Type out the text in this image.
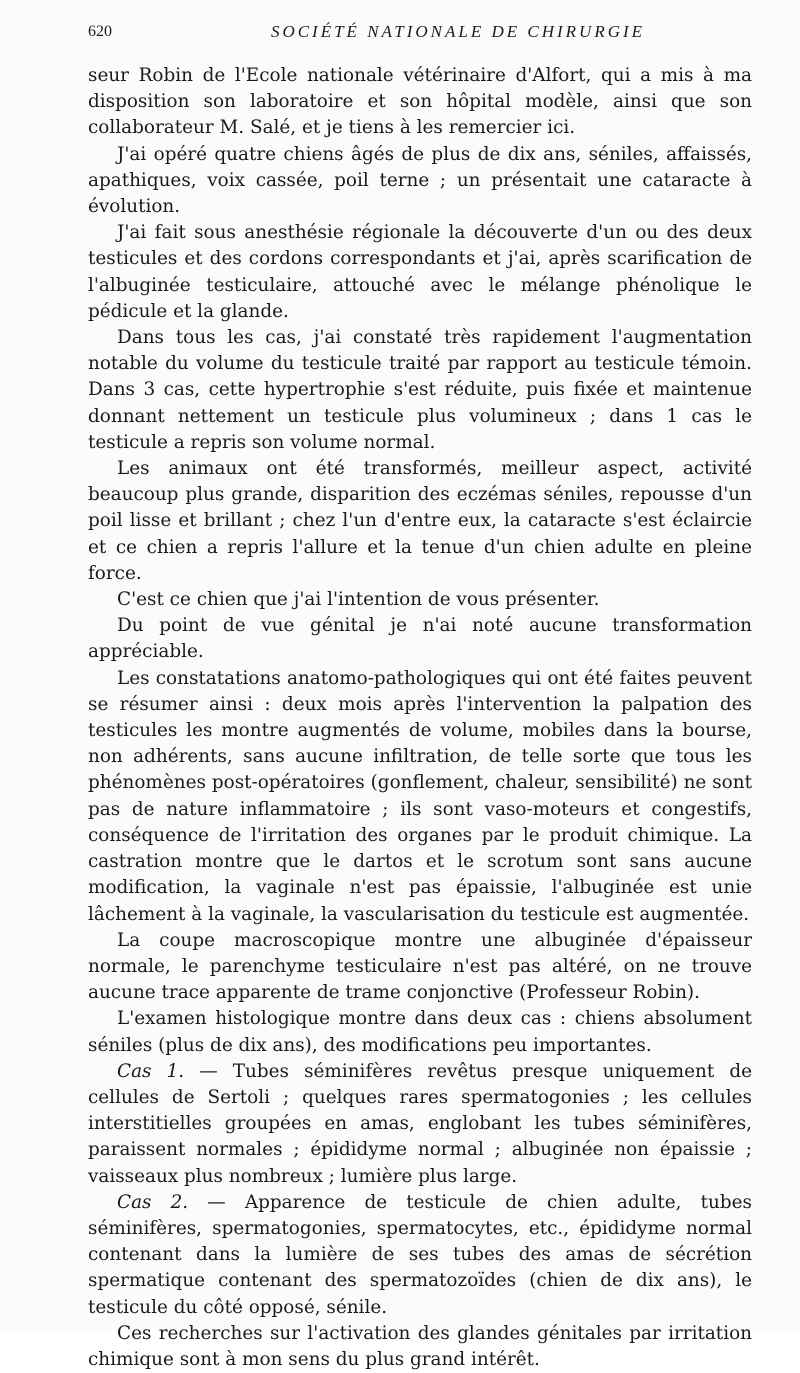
620	SOCIÉTÉ NATIONALE DE CHIRURGIE

seur Robin de l'Ecole nationale vétérinaire d'Alfort, qui a mis à ma disposition son laboratoire et son hôpital modèle, ainsi que son collaborateur M. Salé, et je tiens à les remercier ici.

J'ai opéré quatre chiens âgés de plus de dix ans, séniles, affaissés, apathiques, voix cassée, poil terne ; un présentait une cataracte à évolution.

J'ai fait sous anesthésie régionale la découverte d'un ou des deux testicules et des cordons correspondants et j'ai, après scarification de l'albuginée testiculaire, attouché avec le mélange phénolique le pédicule et la glande.

Dans tous les cas, j'ai constaté très rapidement l'augmentation notable du volume du testicule traité par rapport au testicule témoin. Dans 3 cas, cette hypertrophie s'est réduite, puis fixée et maintenue donnant nettement un testicule plus volumineux ; dans 1 cas le testicule a repris son volume normal.

Les animaux ont été transformés, meilleur aspect, activité beaucoup plus grande, disparition des eczémas séniles, repousse d'un poil lisse et brillant ; chez l'un d'entre eux, la cataracte s'est éclaircie et ce chien a repris l'allure et la tenue d'un chien adulte en pleine force.

C'est ce chien que j'ai l'intention de vous présenter.

Du point de vue génital je n'ai noté aucune transformation appréciable.

Les constatations anatomo-pathologiques qui ont été faites peuvent se résumer ainsi : deux mois après l'intervention la palpation des testicules les montre augmentés de volume, mobiles dans la bourse, non adhérents, sans aucune infiltration, de telle sorte que tous les phénomènes post-opératoires (gonflement, chaleur, sensibilité) ne sont pas de nature inflammatoire ; ils sont vaso-moteurs et congestifs, conséquence de l'irritation des organes par le produit chimique. La castration montre que le dartos et le scrotum sont sans aucune modification, la vaginale n'est pas épaissie, l'albuginée est unie lâchement à la vaginale, la vascularisation du testicule est augmentée.

La coupe macroscopique montre une albuginée d'épaisseur normale, le parenchyme testiculaire n'est pas altéré, on ne trouve aucune trace apparente de trame conjonctive (Professeur Robin).

L'examen histologique montre dans deux cas : chiens absolument séniles (plus de dix ans), des modifications peu importantes.

Cas 1. — Tubes séminifères revêtus presque uniquement de cellules de Sertoli ; quelques rares spermatogonies ; les cellules interstitielles groupées en amas, englobant les tubes séminifères, paraissent normales ; épididyme normal ; albuginée non épaissie ; vaisseaux plus nombreux ; lumière plus large.

Cas 2. — Apparence de testicule de chien adulte, tubes séminifères, spermatogonies, spermatocytes, etc., épididyme normal contenant dans la lumière de ses tubes des amas de sécrétion spermatique contenant des spermatozoïdes (chien de dix ans), le testicule du côté opposé, sénile.

Ces recherches sur l'activation des glandes génitales par irritation chimique sont à mon sens du plus grand intérêt.
